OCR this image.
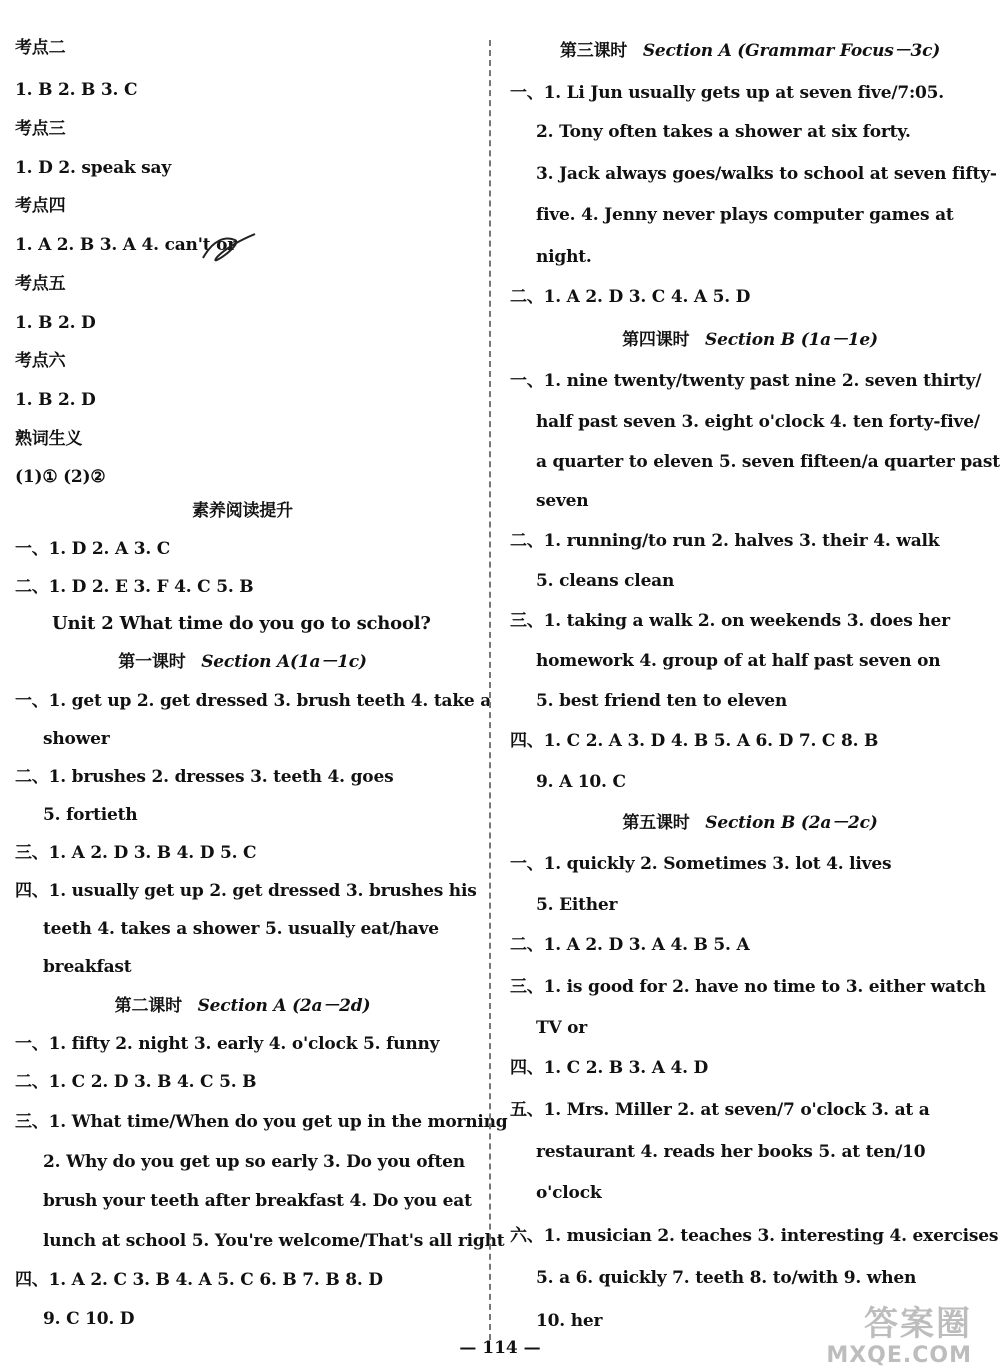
考点二
1. B 2. B 3. C
考点三
1. D 2. speak say
考点四
1. A 2. B 3. A 4. can't or
考点五
1. B 2. D
考点六
1. B 2. D
熟词生义
(1)① (2)②
素养阅读提升
一、1. D 2. A 3. C
二、1. D 2. E 3. F 4. C 5. B
Unit 2 What time do you go to school?
第一课时 Section A(1a－1c)
一、1. get up 2. get dressed 3. brush teeth 4. take a
shower
二、1. brushes 2. dresses 3. teeth 4. goes
5. fortieth
三、1. A 2. D 3. B 4. D 5. C
四、1. usually get up 2. get dressed 3. brushes his
teeth 4. takes a shower 5. usually eat/have
breakfast
第二课时 Section A (2a－2d)
一、1. fifty 2. night 3. early 4. o'clock 5. funny
二、1. C 2. D 3. B 4. C 5. B
三、1. What time/When do you get up in the morning
2. Why do you get up so early 3. Do you often
brush your teeth after breakfast 4. Do you eat
lunch at school 5. You're welcome/That's all right
四、1. A 2. C 3. B 4. A 5. C 6. B 7. B 8. D
9. C 10. D
第三课时 Section A (Grammar Focus－3c)
一、1. Li Jun usually gets up at seven five/7:05.
2. Tony often takes a shower at six forty.
3. Jack always goes/walks to school at seven fifty-
five. 4. Jenny never plays computer games at
night.
二、1. A 2. D 3. C 4. A 5. D
第四课时 Section B (1a－1e)
一、1. nine twenty/twenty past nine 2. seven thirty/
half past seven 3. eight o'clock 4. ten forty-five/
a quarter to eleven 5. seven fifteen/a quarter past
seven
二、1. running/to run 2. halves 3. their 4. walk
5. cleans clean
三、1. taking a walk 2. on weekends 3. does her
homework 4. group of at half past seven on
5. best friend ten to eleven
四、1. C 2. A 3. D 4. B 5. A 6. D 7. C 8. B
9. A 10. C
第五课时 Section B (2a－2c)
一、1. quickly 2. Sometimes 3. lot 4. lives
5. Either
二、1. A 2. D 3. A 4. B 5. A
三、1. is good for 2. have no time to 3. either watch
TV or
四、1. C 2. B 3. A 4. D
五、1. Mrs. Miller 2. at seven/7 o'clock 3. at a
restaurant 4. reads her books 5. at ten/10
o'clock
六、1. musician 2. teaches 3. interesting 4. exercises
5. a 6. quickly 7. teeth 8. to/with 9. when
10. her
— 114 —
答案圈
MXQE.COM
